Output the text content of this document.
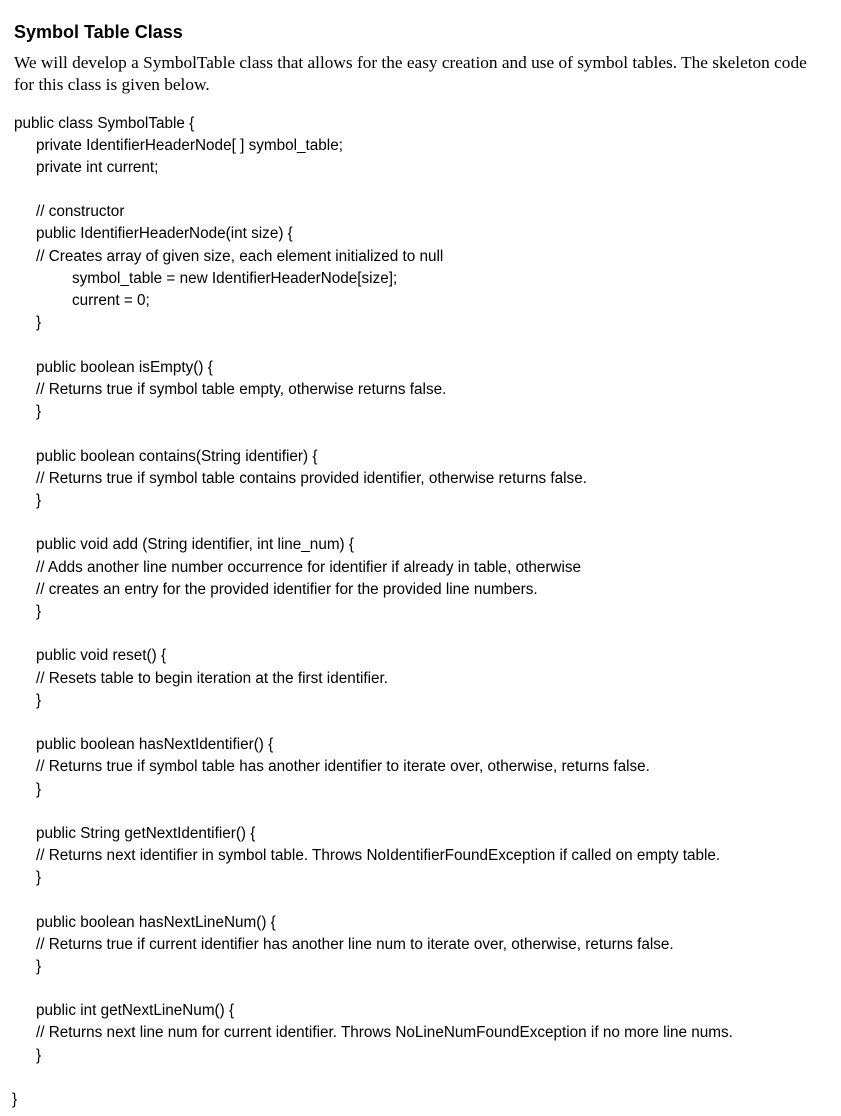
Symbol Table Class

We will develop a SymbolTable class that allows for the easy creation and use of symbol tables. The skeleton code for this class is given below.

public class SymbolTable {
private IdentifierHeaderNode[ ] symbol_table;
private int current;
// constructor
public IdentifierHeaderNode(int size) {
// Creates array of given size, each element initialized to null
symbol_table = new IdentifierHeaderNode[size];
current = 0;
}
public boolean isEmpty() {
// Returns true if symbol table empty, otherwise returns false.
}
public boolean contains(String identifier) {
// Returns true if symbol table contains provided identifier, otherwise returns false.
}
public void add (String identifier, int line_num) {
// Adds another line number occurrence for identifier if already in table, otherwise
// creates an entry for the provided identifier for the provided line numbers.
}
public void reset() {
// Resets table to begin iteration at the first identifier.
}
public boolean hasNextIdentifier() {
// Returns true if symbol table has another identifier to iterate over, otherwise, returns false.
}
public String getNextIdentifier() {
// Returns next identifier in symbol table. Throws NoIdentifierFoundException if called on empty table.
}
public boolean hasNextLineNum() {
// Returns true if current identifier has another line num to iterate over, otherwise, returns false.
}
public int getNextLineNum() {
// Returns next line num for current identifier. Throws NoLineNumFoundException if no more line nums.
}
}
